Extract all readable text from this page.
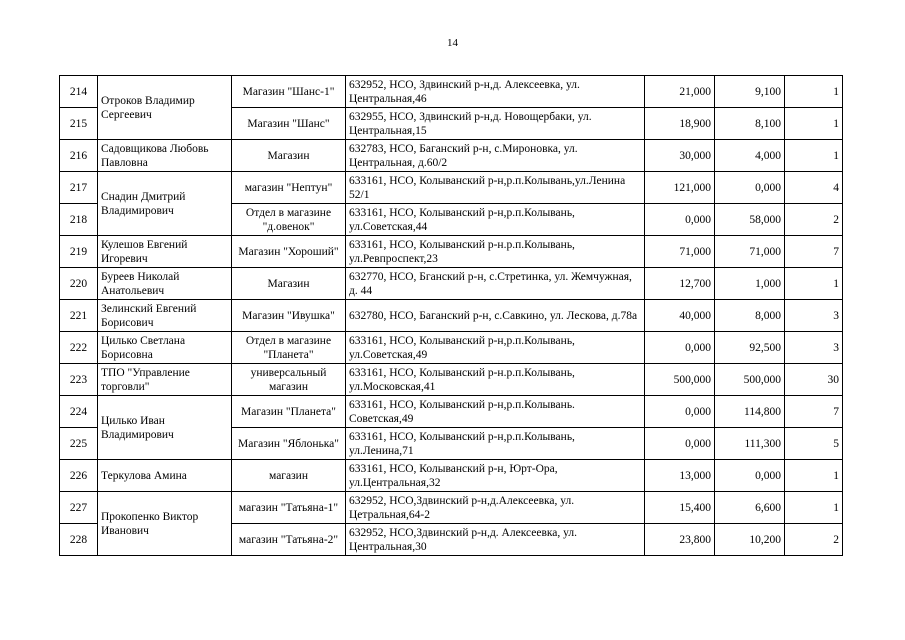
14
214	Отроков Владимир Сергеевич	Магазин "Шанс-1"	632952, НСО, Здвинский р-н,д. Алексеевка, ул. Центральная,46	21,000	9,100	1
215		Магазин "Шанс"	632955, НСО, Здвинский р-н,д. Новощербаки, ул. Центральная,15	18,900	8,100	1
216	Садовщикова Любовь Павловна	Магазин	632783, НСО, Баганский р-н, с.Мироновка, ул. Центральная, д.60/2	30,000	4,000	1
217	Снадин Дмитрий Владимирович	магазин "Нептун"	633161, НСО, Колыванский р-н,р.п.Колывань,ул.Ленина 52/1	121,000	0,000	4
218		Отдел в магазине "д.овенок"	633161, НСО, Колыванский р-н,р.п.Колывань, ул.Советская,44	0,000	58,000	2
219	Кулешов Евгений Игоревич	Магазин "Хороший"	633161, НСО, Колыванский р-н.р.п.Колывань, ул.Ревпроспект,23	71,000	71,000	7
220	Буреев Николай Анатольевич	Магазин	632770, НСО, Бганский р-н, с.Стретинка, ул. Жемчужная, д. 44	12,700	1,000	1
221	Зелинский Евгений Борисович	Магазин "Ивушка"	632780, НСО, Баганский р-н, с.Савкино, ул. Лескова, д.78а	40,000	8,000	3
222	Цилько Светлана Борисовна	Отдел в магазине "Планета"	633161, НСО, Колыванский р-н,р.п.Колывань, ул.Советская,49	0,000	92,500	3
223	ТПО "Управление торговли"	универсальный магазин	633161, НСО, Колыванский р-н.р.п.Колывань, ул.Московская,41	500,000	500,000	30
224	Цилько Иван Владимирович	Магазин "Планета"	633161, НСО, Колыванский р-н,р.п.Колывань. Советская,49	0,000	114,800	7
225		Магазин "Яблонька"	633161, НСО, Колыванский р-н,р.п.Колывань, ул.Ленина,71	0,000	111,300	5
226	Теркулова Амина	магазин	633161, НСО, Колыванский р-н, Юрт-Ора, ул.Центральная,32	13,000	0,000	1
227	Прокопенко Виктор Иванович	магазин "Татьяна-1"	632952, НСО,Здвинский р-н,д.Алексеевка, ул. Цетральная,64-2	15,400	6,600	1
228		магазин "Татьяна-2"	632952, НСО,Здвинский р-н,д. Алексеевка, ул. Центральная,30	23,800	10,200	2
